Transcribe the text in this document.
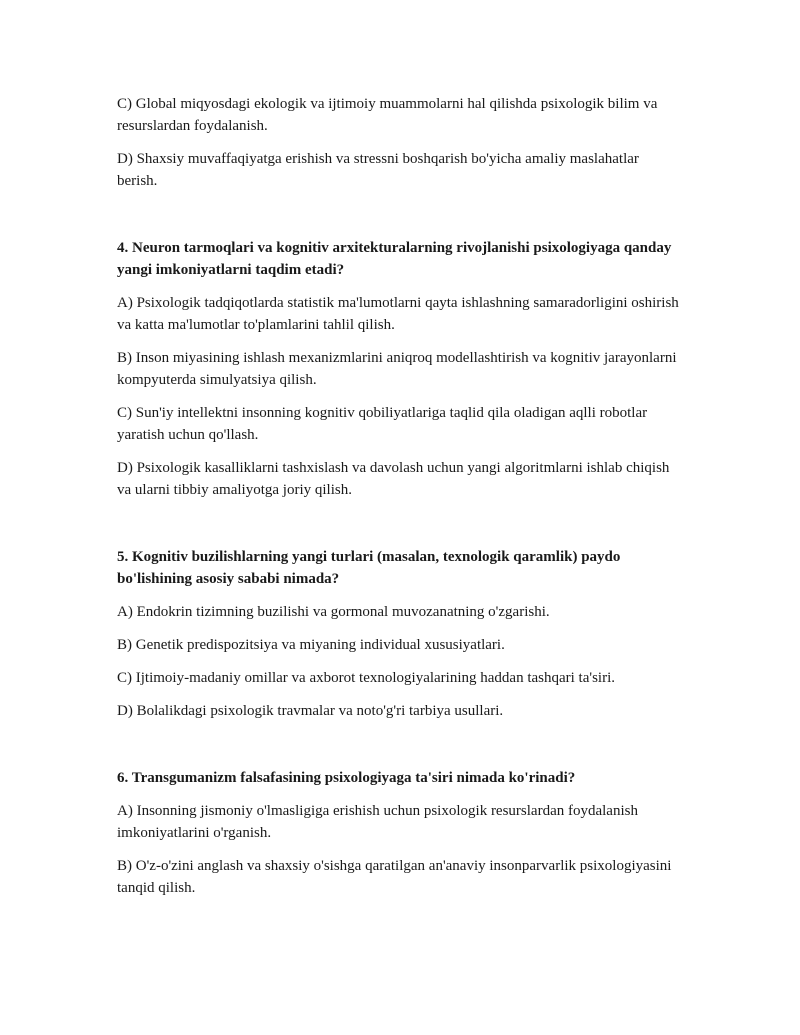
C) Global miqyosdagi ekologik va ijtimoiy muammolarni hal qilishda psixologik bilim va resurslardan foydalanish.

D) Shaxsiy muvaffaqiyatga erishish va stressni boshqarish bo'yicha amaliy maslahatlar berish.

4. Neuron tarmoqlari va kognitiv arxitekturalarning rivojlanishi psixologiyaga qanday yangi imkoniyatlarni taqdim etadi?

A) Psixologik tadqiqotlarda statistik ma'lumotlarni qayta ishlashning samaradorligini oshirish va katta ma'lumotlar to'plamlarini tahlil qilish.

B) Inson miyasining ishlash mexanizmlarini aniqroq modellashtirish va kognitiv jarayonlarni kompyuterda simulyatsiya qilish.

C) Sun'iy intellektni insonning kognitiv qobiliyatlariga taqlid qila oladigan aqlli robotlar yaratish uchun qo'llash.

D) Psixologik kasalliklarni tashxislash va davolash uchun yangi algoritmlarni ishlab chiqish va ularni tibbiy amaliyotga joriy qilish.

5. Kognitiv buzilishlarning yangi turlari (masalan, texnologik qaramlik) paydo bo'lishining asosiy sababi nimada?

A) Endokrin tizimning buzilishi va gormonal muvozanatning o'zgarishi.

B) Genetik predispozitsiya va miyaning individual xususiyatlari.

C) Ijtimoiy-madaniy omillar va axborot texnologiyalarining haddan tashqari ta'siri.

D) Bolalikdagi psixologik travmalar va noto'g'ri tarbiya usullari.

6. Transgumanizm falsafasining psixologiyaga ta'siri nimada ko'rinadi?

A) Insonning jismoniy o'lmasligiga erishish uchun psixologik resurslardan foydalanish imkoniyatlarini o'rganish.

B) O'z-o'zini anglash va shaxsiy o'sishga qaratilgan an'anaviy insonparvarlik psixologiyasini tanqid qilish.
